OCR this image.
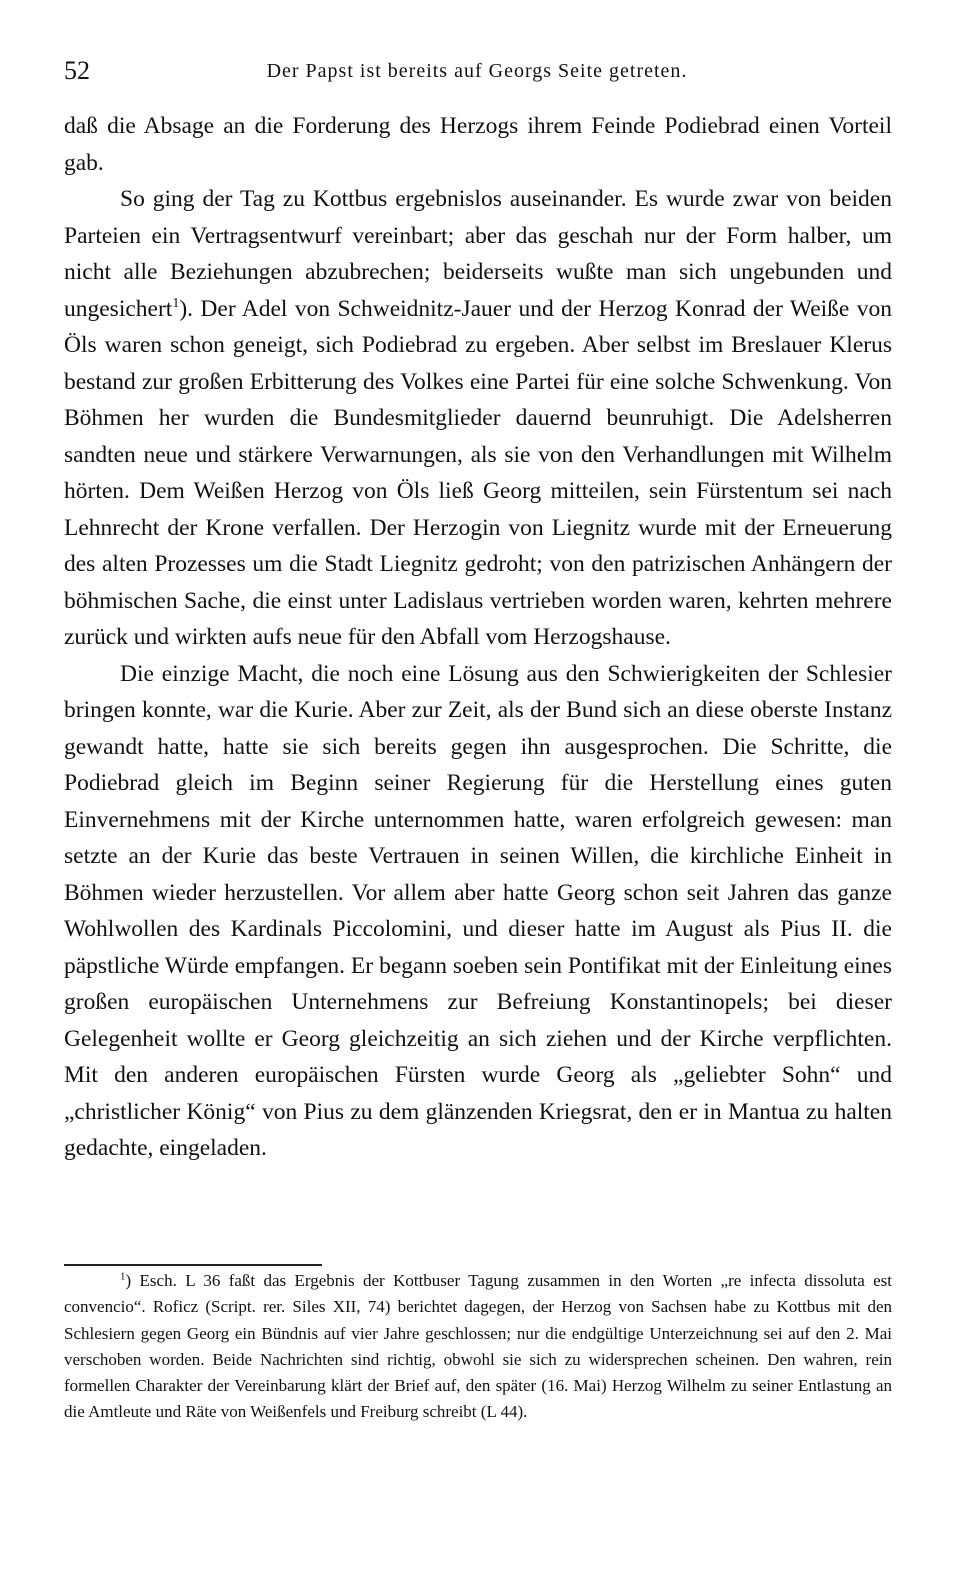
52	Der Papst ist bereits auf Georgs Seite getreten.

daß die Absage an die Forderung des Herzogs ihrem Feinde Podiebrad einen Vorteil gab.

So ging der Tag zu Kottbus ergebnislos auseinander. Es wurde zwar von beiden Parteien ein Vertragsentwurf vereinbart; aber das geschah nur der Form halber, um nicht alle Beziehungen abzubrechen; beiderseits wußte man sich ungebunden und ungesichert$^1$). Der Adel von Schweidnitz-Jauer und der Herzog Konrad der Weiße von Öls waren schon geneigt, sich Podiebrad zu ergeben. Aber selbst im Breslauer Klerus bestand zur großen Erbitterung des Volkes eine Partei für eine solche Schwenkung. Von Böhmen her wurden die Bundesmitglieder dauernd beunruhigt. Die Adelsherren sandten neue und stärkere Verwarnungen, als sie von den Verhandlungen mit Wilhelm hörten. Dem Weißen Herzog von Öls ließ Georg mitteilen, sein Fürstentum sei nach Lehnrecht der Krone verfallen. Der Herzogin von Liegnitz wurde mit der Erneuerung des alten Prozesses um die Stadt Liegnitz gedroht; von den patrizischen Anhängern der böhmischen Sache, die einst unter Ladislaus vertrieben worden waren, kehrten mehrere zurück und wirkten aufs neue für den Abfall vom Herzogshause.

Die einzige Macht, die noch eine Lösung aus den Schwierigkeiten der Schlesier bringen konnte, war die Kurie. Aber zur Zeit, als der Bund sich an diese oberste Instanz gewandt hatte, hatte sie sich bereits gegen ihn ausgesprochen. Die Schritte, die Podiebrad gleich im Beginn seiner Regierung für die Herstellung eines guten Einvernehmens mit der Kirche unternommen hatte, waren erfolgreich gewesen: man setzte an der Kurie das beste Vertrauen in seinen Willen, die kirchliche Einheit in Böhmen wieder herzustellen. Vor allem aber hatte Georg schon seit Jahren das ganze Wohlwollen des Kardinals Piccolomini, und dieser hatte im August als Pius II. die päpstliche Würde empfangen. Er begann soeben sein Pontifikat mit der Einleitung eines großen europäischen Unternehmens zur Befreiung Konstantinopels; bei dieser Gelegenheit wollte er Georg gleichzeitig an sich ziehen und der Kirche verpflichten. Mit den anderen europäischen Fürsten wurde Georg als „geliebter Sohn“ und „christlicher König“ von Pius zu dem glänzenden Kriegsrat, den er in Mantua zu halten gedachte, eingeladen.

$^1$) Esch. L 36 faßt das Ergebnis der Kottbuser Tagung zusammen in den Worten „re infecta dissoluta est convencio“. Roficz (Script. rer. Siles XII, 74) berichtet dagegen, der Herzog von Sachsen habe zu Kottbus mit den Schlesiern gegen Georg ein Bündnis auf vier Jahre geschlossen; nur die endgültige Unterzeichnung sei auf den 2. Mai verschoben worden. Beide Nachrichten sind richtig, obwohl sie sich zu widersprechen scheinen. Den wahren, rein formellen Charakter der Vereinbarung klärt der Brief auf, den später (16. Mai) Herzog Wilhelm zu seiner Entlastung an die Amtleute und Räte von Weißenfels und Freiburg schreibt (L 44).
